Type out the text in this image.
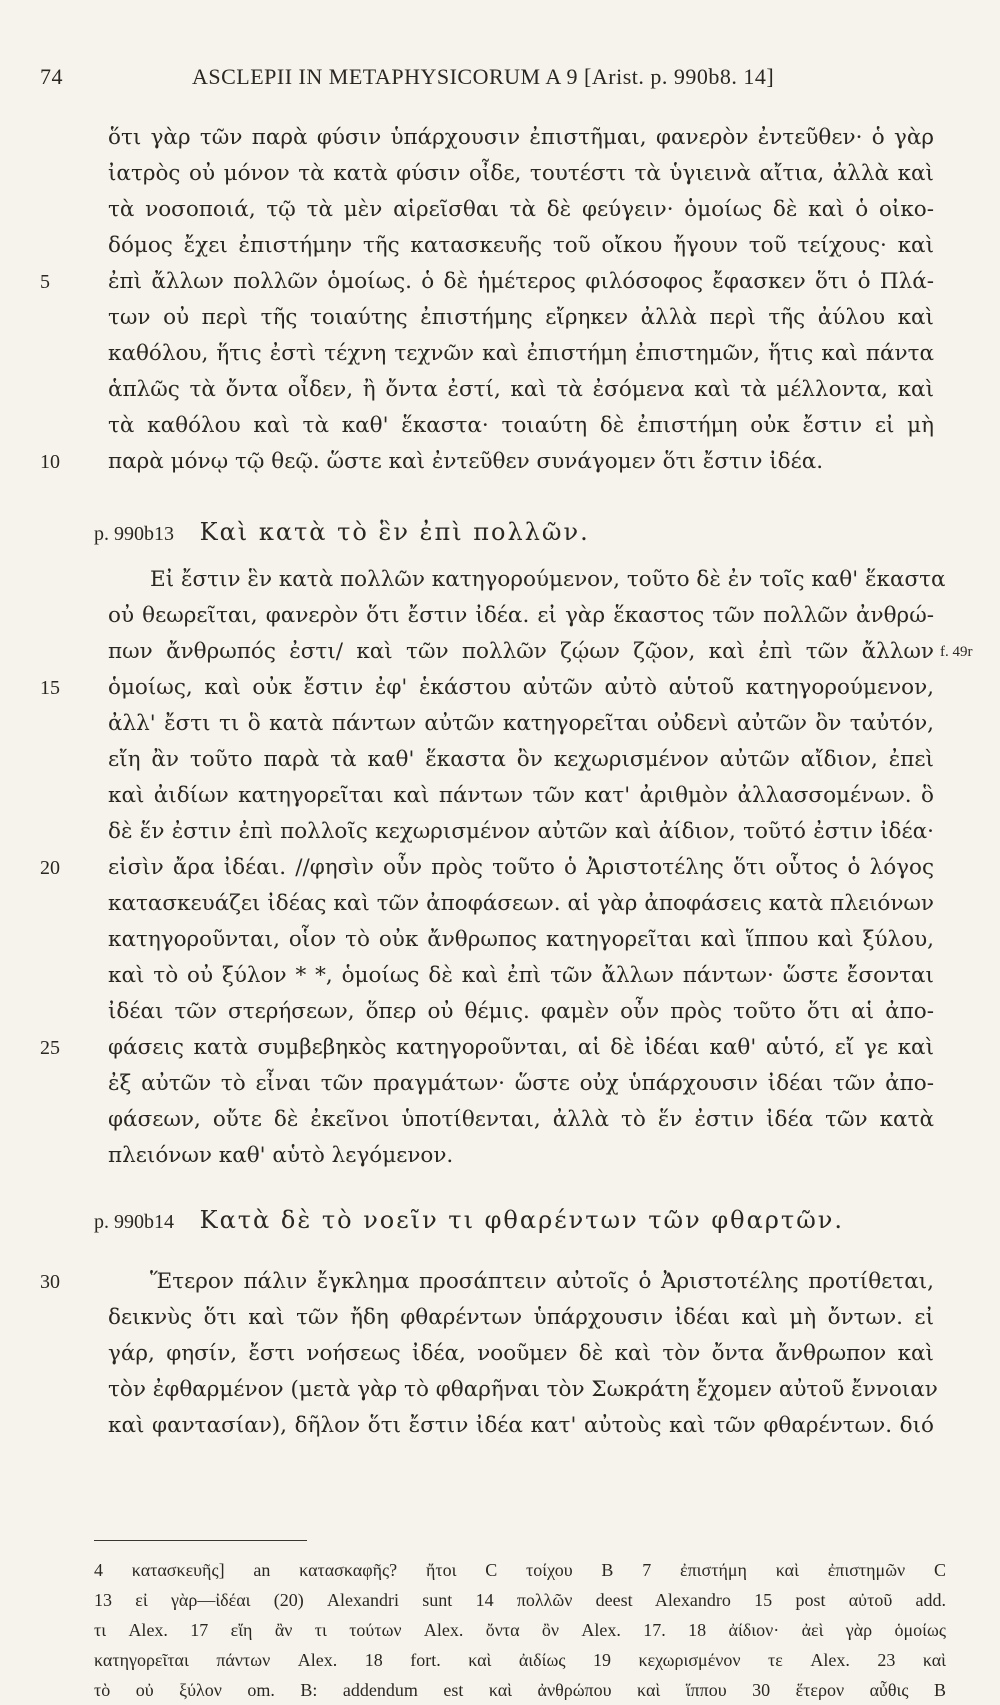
74	ASCLEPII IN METAPHYSICORUM A 9 [Arist. p. 990b8. 14]
ὅτι γὰρ τῶν παρὰ φύσιν ὑπάρχουσιν ἐπιστῆμαι, φανερὸν ἐντεῦθεν· ὁ γὰρ
ἰατρὸς οὐ μόνον τὰ κατὰ φύσιν οἶδε, τουτέστι τὰ ὑγιεινὰ αἴτια, ἀλλὰ καὶ
τὰ νοσοποιά, τῷ τὰ μὲν αἱρεῖσθαι τὰ δὲ φεύγειν· ὁμοίως δὲ καὶ ὁ οἰκο-
δόμος ἔχει ἐπιστήμην τῆς κατασκευῆς τοῦ οἴκου ἤγουν τοῦ τείχους· καὶ
5	ἐπὶ ἄλλων πολλῶν ὁμοίως. ὁ δὲ ἡμέτερος φιλόσοφος ἔφασκεν ὅτι ὁ Πλά-
των οὐ περὶ τῆς τοιαύτης ἐπιστήμης εἴρηκεν ἀλλὰ περὶ τῆς ἀύλου καὶ
καθόλου, ἥτις ἐστὶ τέχνη τεχνῶν καὶ ἐπιστήμη ἐπιστημῶν, ἥτις καὶ πάντα
ἁπλῶς τὰ ὄντα οἶδεν, ἢ ὄντα ἐστί, καὶ τὰ ἐσόμενα καὶ τὰ μέλλοντα, καὶ
τὰ καθόλου καὶ τὰ καθ' ἕκαστα· τοιαύτη δὲ ἐπιστήμη οὐκ ἔστιν εἰ μὴ
10	παρὰ μόνῳ τῷ θεῷ. ὥστε καὶ ἐντεῦθεν συνάγομεν ὅτι ἔστιν ἰδέα.
p. 990b13 Καὶ κατὰ τὸ ἓν ἐπὶ πολλῶν.
Εἰ ἔστιν ἓν κατὰ πολλῶν κατηγορούμενον, τοῦτο δὲ ἐν τοῖς καθ' ἕκαστα
οὐ θεωρεῖται, φανερὸν ὅτι ἔστιν ἰδέα. εἰ γὰρ ἕκαστος τῶν πολλῶν ἀνθρώ-
πων ἄνθρωπός ἐστι/ καὶ τῶν πολλῶν ζῴων ζῷον, καὶ ἐπὶ τῶν ἄλλων f. 49r
15	ὁμοίως, καὶ οὐκ ἔστιν ἐφ' ἑκάστου αὐτῶν αὐτὸ αὑτοῦ κατηγορούμενον,
ἀλλ' ἔστι τι ὃ κατὰ πάντων αὐτῶν κατηγορεῖται οὐδενὶ αὐτῶν ὂν ταὐτόν,
εἴη ἂν τοῦτο παρὰ τὰ καθ' ἕκαστα ὂν κεχωρισμένον αὐτῶν αἴδιον, ἐπεὶ
καὶ ἀιδίων κατηγορεῖται καὶ πάντων τῶν κατ' ἀριθμὸν ἀλλασσομένων. ὃ
δὲ ἕν ἐστιν ἐπὶ πολλοῖς κεχωρισμένον αὐτῶν καὶ ἀίδιον, τοῦτό ἐστιν ἰδέα·
20	εἰσὶν ἄρα ἰδέαι. //φησὶν οὖν πρὸς τοῦτο ὁ Ἀριστοτέλης ὅτι οὗτος ὁ λόγος
κατασκευάζει ἰδέας καὶ τῶν ἀποφάσεων. αἱ γὰρ ἀποφάσεις κατὰ πλειόνων
κατηγοροῦνται, οἷον τὸ οὐκ ἄνθρωπος κατηγορεῖται καὶ ἵππου καὶ ξύλου,
καὶ τὸ οὐ ξύλον * *, ὁμοίως δὲ καὶ ἐπὶ τῶν ἄλλων πάντων· ὥστε ἔσονται
ἰδέαι τῶν στερήσεων, ὅπερ οὐ θέμις. φαμὲν οὖν πρὸς τοῦτο ὅτι αἱ ἀπο-
25	φάσεις κατὰ συμβεβηκὸς κατηγοροῦνται, αἱ δὲ ἰδέαι καθ' αὑτό, εἴ γε καὶ
ἐξ αὐτῶν τὸ εἶναι τῶν πραγμάτων· ὥστε οὐχ ὑπάρχουσιν ἰδέαι τῶν ἀπο-
φάσεων, οὔτε δὲ ἐκεῖνοι ὑποτίθενται, ἀλλὰ τὸ ἕν ἐστιν ἰδέα τῶν κατὰ
πλειόνων καθ' αὑτὸ λεγόμενον.
p. 990b14 Κατὰ δὲ τὸ νοεῖν τι φθαρέντων τῶν φθαρτῶν.
30	Ἕτερον πάλιν ἔγκλημα προσάπτειν αὐτοῖς ὁ Ἀριστοτέλης προτίθεται,
δεικνὺς ὅτι καὶ τῶν ἤδη φθαρέντων ὑπάρχουσιν ἰδέαι καὶ μὴ ὄντων. εἰ
γάρ, φησίν, ἔστι νοήσεως ἰδέα, νοοῦμεν δὲ καὶ τὸν ὄντα ἄνθρωπον καὶ
τὸν ἐφθαρμένον (μετὰ γὰρ τὸ φθαρῆναι τὸν Σωκράτη ἔχομεν αὐτοῦ ἔννοιαν
καὶ φαντασίαν), δῆλον ὅτι ἔστιν ἰδέα κατ' αὐτοὺς καὶ τῶν φθαρέντων. διό
4 κατασκευῆς] an κατασκαφῆς? ἤτοι C τοίχου B 7 ἐπιστήμη καὶ ἐπιστημῶν C
13 εἰ γὰρ—ἰδέαι (20) Alexandri sunt 14 πολλῶν deest Alexandro 15 post αὐτοῦ add.
τι Alex. 17 εἴη ἂν τι τούτων Alex. ὄντα ὂν Alex. 17. 18 ἀίδιον· ἀεὶ γὰρ ὁμοίως
κατηγορεῖται πάντων Alex. 18 fort. καὶ ἀιδίως 19 κεχωρισμένον τε Alex. 23 καὶ
τὸ οὐ ξύλον om. B: addendum est καὶ ἀνθρώπου καὶ ἵππου 30 ἕτερον αὖθις B
